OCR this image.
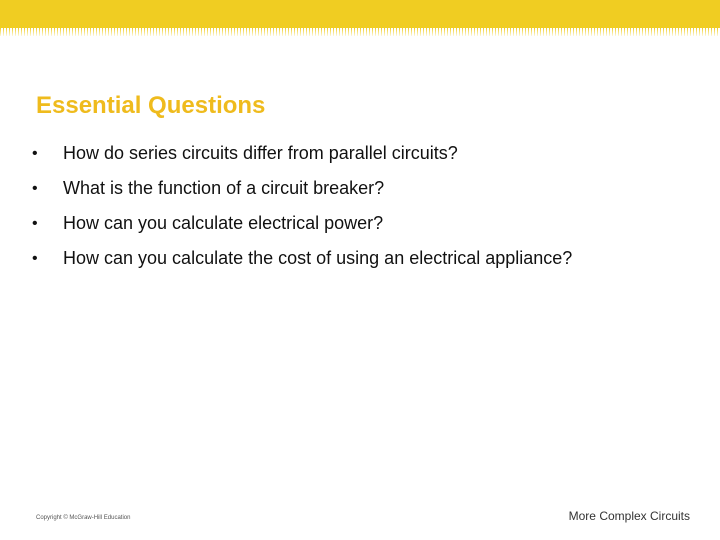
Essential Questions
•	How do series circuits differ from parallel circuits?
•	What is the function of a circuit breaker?
•	How can you calculate electrical power?
•	How can you calculate the cost of using an electrical appliance?
Copyright © McGraw-Hill Education	More Complex Circuits
